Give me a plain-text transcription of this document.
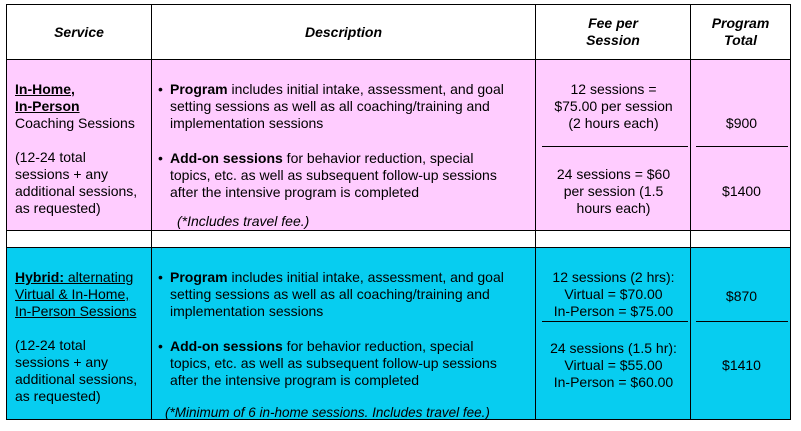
Service	Description
Fee per
Session
Program
Total
In-Home,
In-Person
Coaching Sessions
(12-24 total
sessions + any
additional sessions,
as requested)
• Program includes initial intake, assessment, and goal
setting sessions as well as all coaching/training and
implementation sessions
• Add-on sessions for behavior reduction, special
topics, etc. as well as subsequent follow-up sessions
after the intensive program is completed
(*Includes travel fee.)
12 sessions =
$75.00 per session
(2 hours each)
24 sessions = $60
per session (1.5
hours each)
$900
$1400
Hybrid: alternating
Virtual & In-Home,
In-Person Sessions
(12-24 total
sessions + any
additional sessions,
as requested)
• Program includes initial intake, assessment, and goal
setting sessions as well as all coaching/training and
implementation sessions
• Add-on sessions for behavior reduction, special
topics, etc. as well as subsequent follow-up sessions
after the intensive program is completed
(*Minimum of 6 in-home sessions. Includes travel fee.)
12 sessions (2 hrs):
Virtual = $70.00
In-Person = $75.00
24 sessions (1.5 hr):
Virtual = $55.00
In-Person = $60.00
$870
$1410
